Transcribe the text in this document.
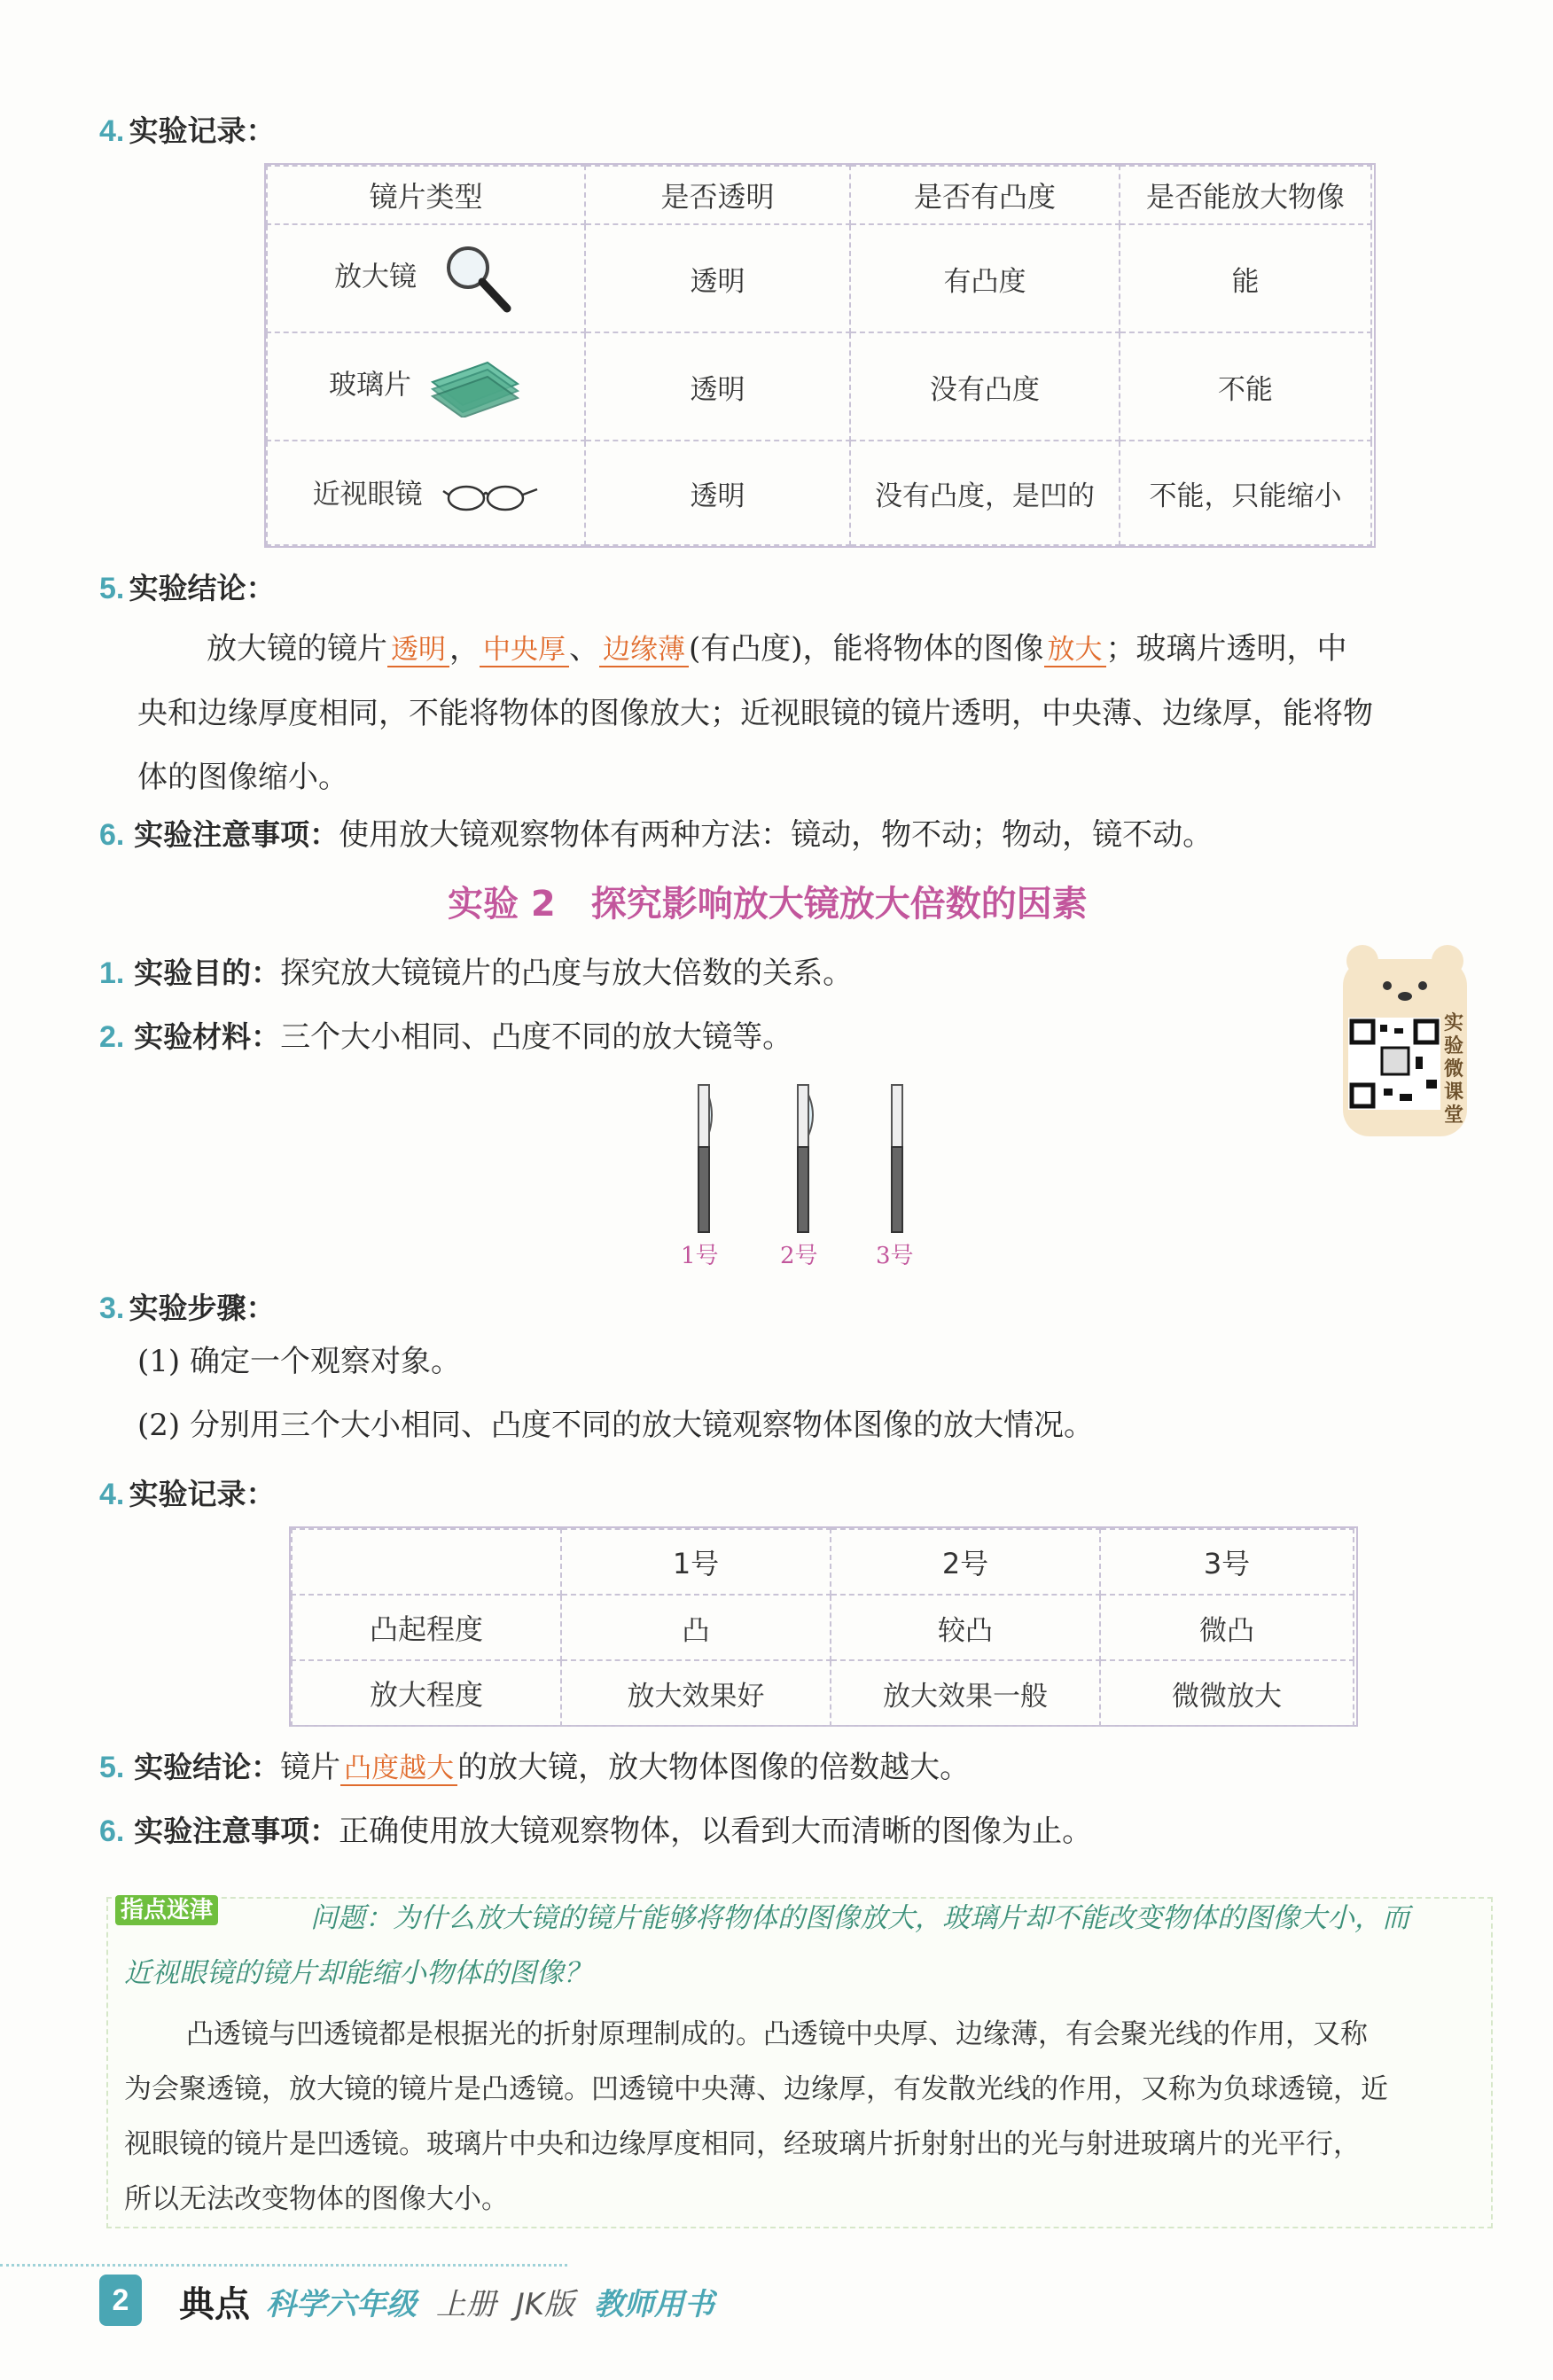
4. 实验记录：
镜片类型	是否透明	是否有凸度	是否能放大物像
放大镜	透明	有凸度	能
玻璃片	透明	没有凸度	不能
近视眼镜	透明	没有凸度，是凹的	不能，只能缩小
5. 实验结论：
放大镜的镜片 透明 ， 中央厚 、 边缘薄 (有凸度)，能将物体的图像 放大 ；玻璃片透明，中
央和边缘厚度相同，不能将物体的图像放大；近视眼镜的镜片透明，中央薄、边缘厚，能将物
体的图像缩小。
6. 实验注意事项：使用放大镜观察物体有两种方法：镜动，物不动；物动，镜不动。
实验 2　探究影响放大镜放大倍数的因素
1. 实验目的：探究放大镜镜片的凸度与放大倍数的关系。
2. 实验材料：三个大小相同、凸度不同的放大镜等。	实
验
微
课
堂
1号	2号	3号
3. 实验步骤：
(1) 确定一个观察对象。
(2) 分别用三个大小相同、凸度不同的放大镜观察物体图像的放大情况。
4. 实验记录：
	1号	2号	3号
凸起程度	凸	较凸	微凸
放大程度	放大效果好	放大效果一般	微微放大
5. 实验结论：镜片 凸度越大 的放大镜，放大物体图像的倍数越大。
6. 实验注意事项：正确使用放大镜观察物体，以看到大而清晰的图像为止。
指点迷津	问题：为什么放大镜的镜片能够将物体的图像放大，玻璃片却不能改变物体的图像大小，而
近视眼镜的镜片却能缩小物体的图像？
凸透镜与凹透镜都是根据光的折射原理制成的。凸透镜中央厚、边缘薄，有会聚光线的作用，又称
为会聚透镜，放大镜的镜片是凸透镜。凹透镜中央薄、边缘厚，有发散光线的作用，又称为负球透镜，近
视眼镜的镜片是凹透镜。玻璃片中央和边缘厚度相同，经玻璃片折射射出的光与射进玻璃片的光平行，
所以无法改变物体的图像大小。
2	典点 科学六年级 上册 JK版 教师用书
